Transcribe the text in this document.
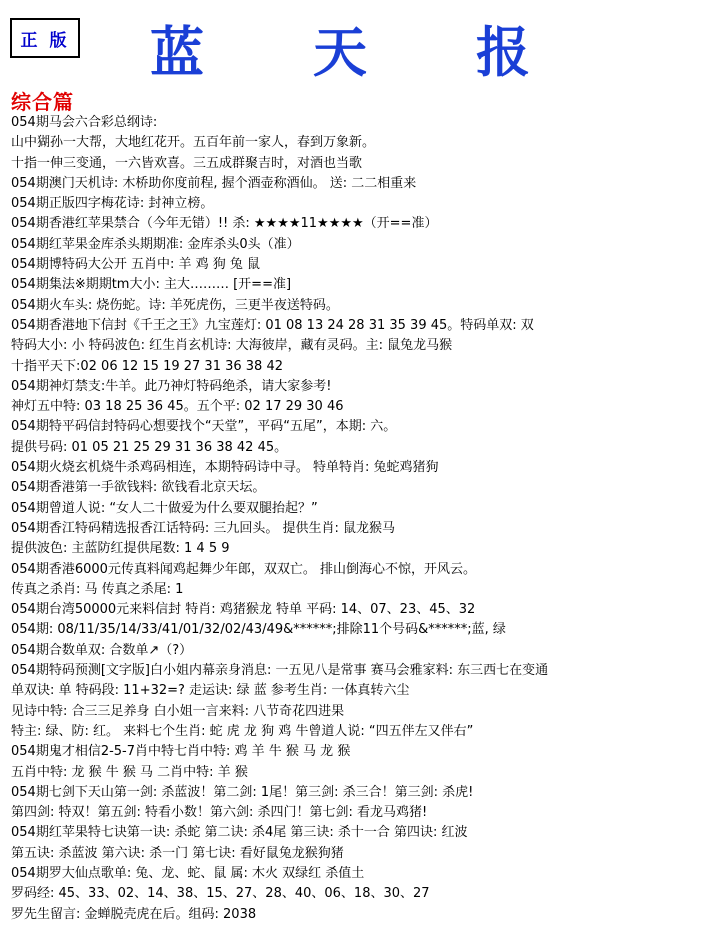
正 版 蓝 天 报
综合篇
054期马会六合彩总纲诗:
山中猢孙一大帮，大地红花开。五百年前一家人，春到万象新。
十指一伸三变通，一六皆欢喜。三五成群聚吉时，对酒也当歌
054期澳门天机诗: 木桥助你度前程, 握个酒壶称酒仙。 送: 二二相重来
054期正版四字梅花诗: 封神立榜。
054期香港红苹果禁合（今年无错）!! 杀: ★★★★11★★★★（开==准）
054期红苹果金库杀头期期准: 金库杀头0头（准）
054期博特码大公开 五肖中: 羊 鸡 狗 兔 鼠
054期集法※期期tm大小: 主大……… [开==准]
054期火车头: 烧伤蛇。诗: 羊死虎伤，三更半夜送特码。
054期香港地下信封《千王之王》九宝莲灯: 01 08 13 24 28 31 35 39 45。特码单双: 双
特码大小: 小 特码波色: 红生肖玄机诗: 大海彼岸，藏有灵码。主: 鼠兔龙马猴
十指平天下:02 06 12 15 19 27 31 36 38 42
054期神灯禁支:牛羊。此乃神灯特码绝杀，请大家参考!
神灯五中特: 03 18 25 36 45。五个平: 02 17 29 30 46
054期特平码信封特码心想要找个“天堂”，平码“五尾”，本期: 六。
提供号码: 01 05 21 25 29 31 36 38 42 45。
054期火烧玄机烧牛杀鸡码相连，本期特码诗中寻。 特单特肖: 兔蛇鸡猪狗
054期香港第一手欲钱料: 欲钱看北京天坛。
054期曾道人说: “女人二十做爱为什么要双腿抬起？”
054期香江特码精选报香江话特码: 三九回头。 提供生肖: 鼠龙猴马
提供波色: 主蓝防红提供尾数: 1 4 5 9
054期香港6000元传真料闻鸡起舞少年郎，双双亡。 排山倒海心不惊，开风云。
传真之杀肖: 马 传真之杀尾: 1
054期台湾50000元来料信封 特肖: 鸡猪猴龙 特单 平码: 14、07、23、45、32
054期: 08/11/35/14/33/41/01/32/02/43/49&******;排除11个号码&******;蓝, 绿
054期合数单双: 合数单↗（?）
054期特码预测[文字版]白小姐内幕亲身消息: 一五见八是常事 赛马会雅家料: 东三西七在变通
单双诀: 单 特码段: 11+32=? 走运诀: 绿 蓝 参考生肖: 一体真转六尘
见诗中特: 合三三足养身 白小姐一言来料: 八节奇花四进果
特主: 绿、防: 红。 来料七个生肖: 蛇 虎 龙 狗 鸡 牛曾道人说: “四五伴左又伴右”
054期鬼才相信2-5-7肖中特七肖中特: 鸡 羊 牛 猴 马 龙 猴
五肖中特: 龙 猴 牛 猴 马 二肖中特: 羊 猴
054期七剑下天山第一剑: 杀蓝波！第二剑: 1尾！第三剑: 杀三合！第三剑: 杀虎!
第四剑: 特双！第五剑: 特看小数！第六剑: 杀四门！第七剑: 看龙马鸡猪!
054期红苹果特七诀第一诀: 杀蛇 第二诀: 杀4尾 第三诀: 杀十一合 第四诀: 红波
第五诀: 杀蓝波 第六诀: 杀一门 第七诀: 看好鼠兔龙猴狗猪
054期罗大仙点歌单: 兔、龙、蛇、鼠 属: 木火 双绿红 杀值土
罗码经: 45、33、02、14、38、15、27、28、40、06、18、30、27
罗先生留言: 金蝉脱壳虎在后。组码: 2038
